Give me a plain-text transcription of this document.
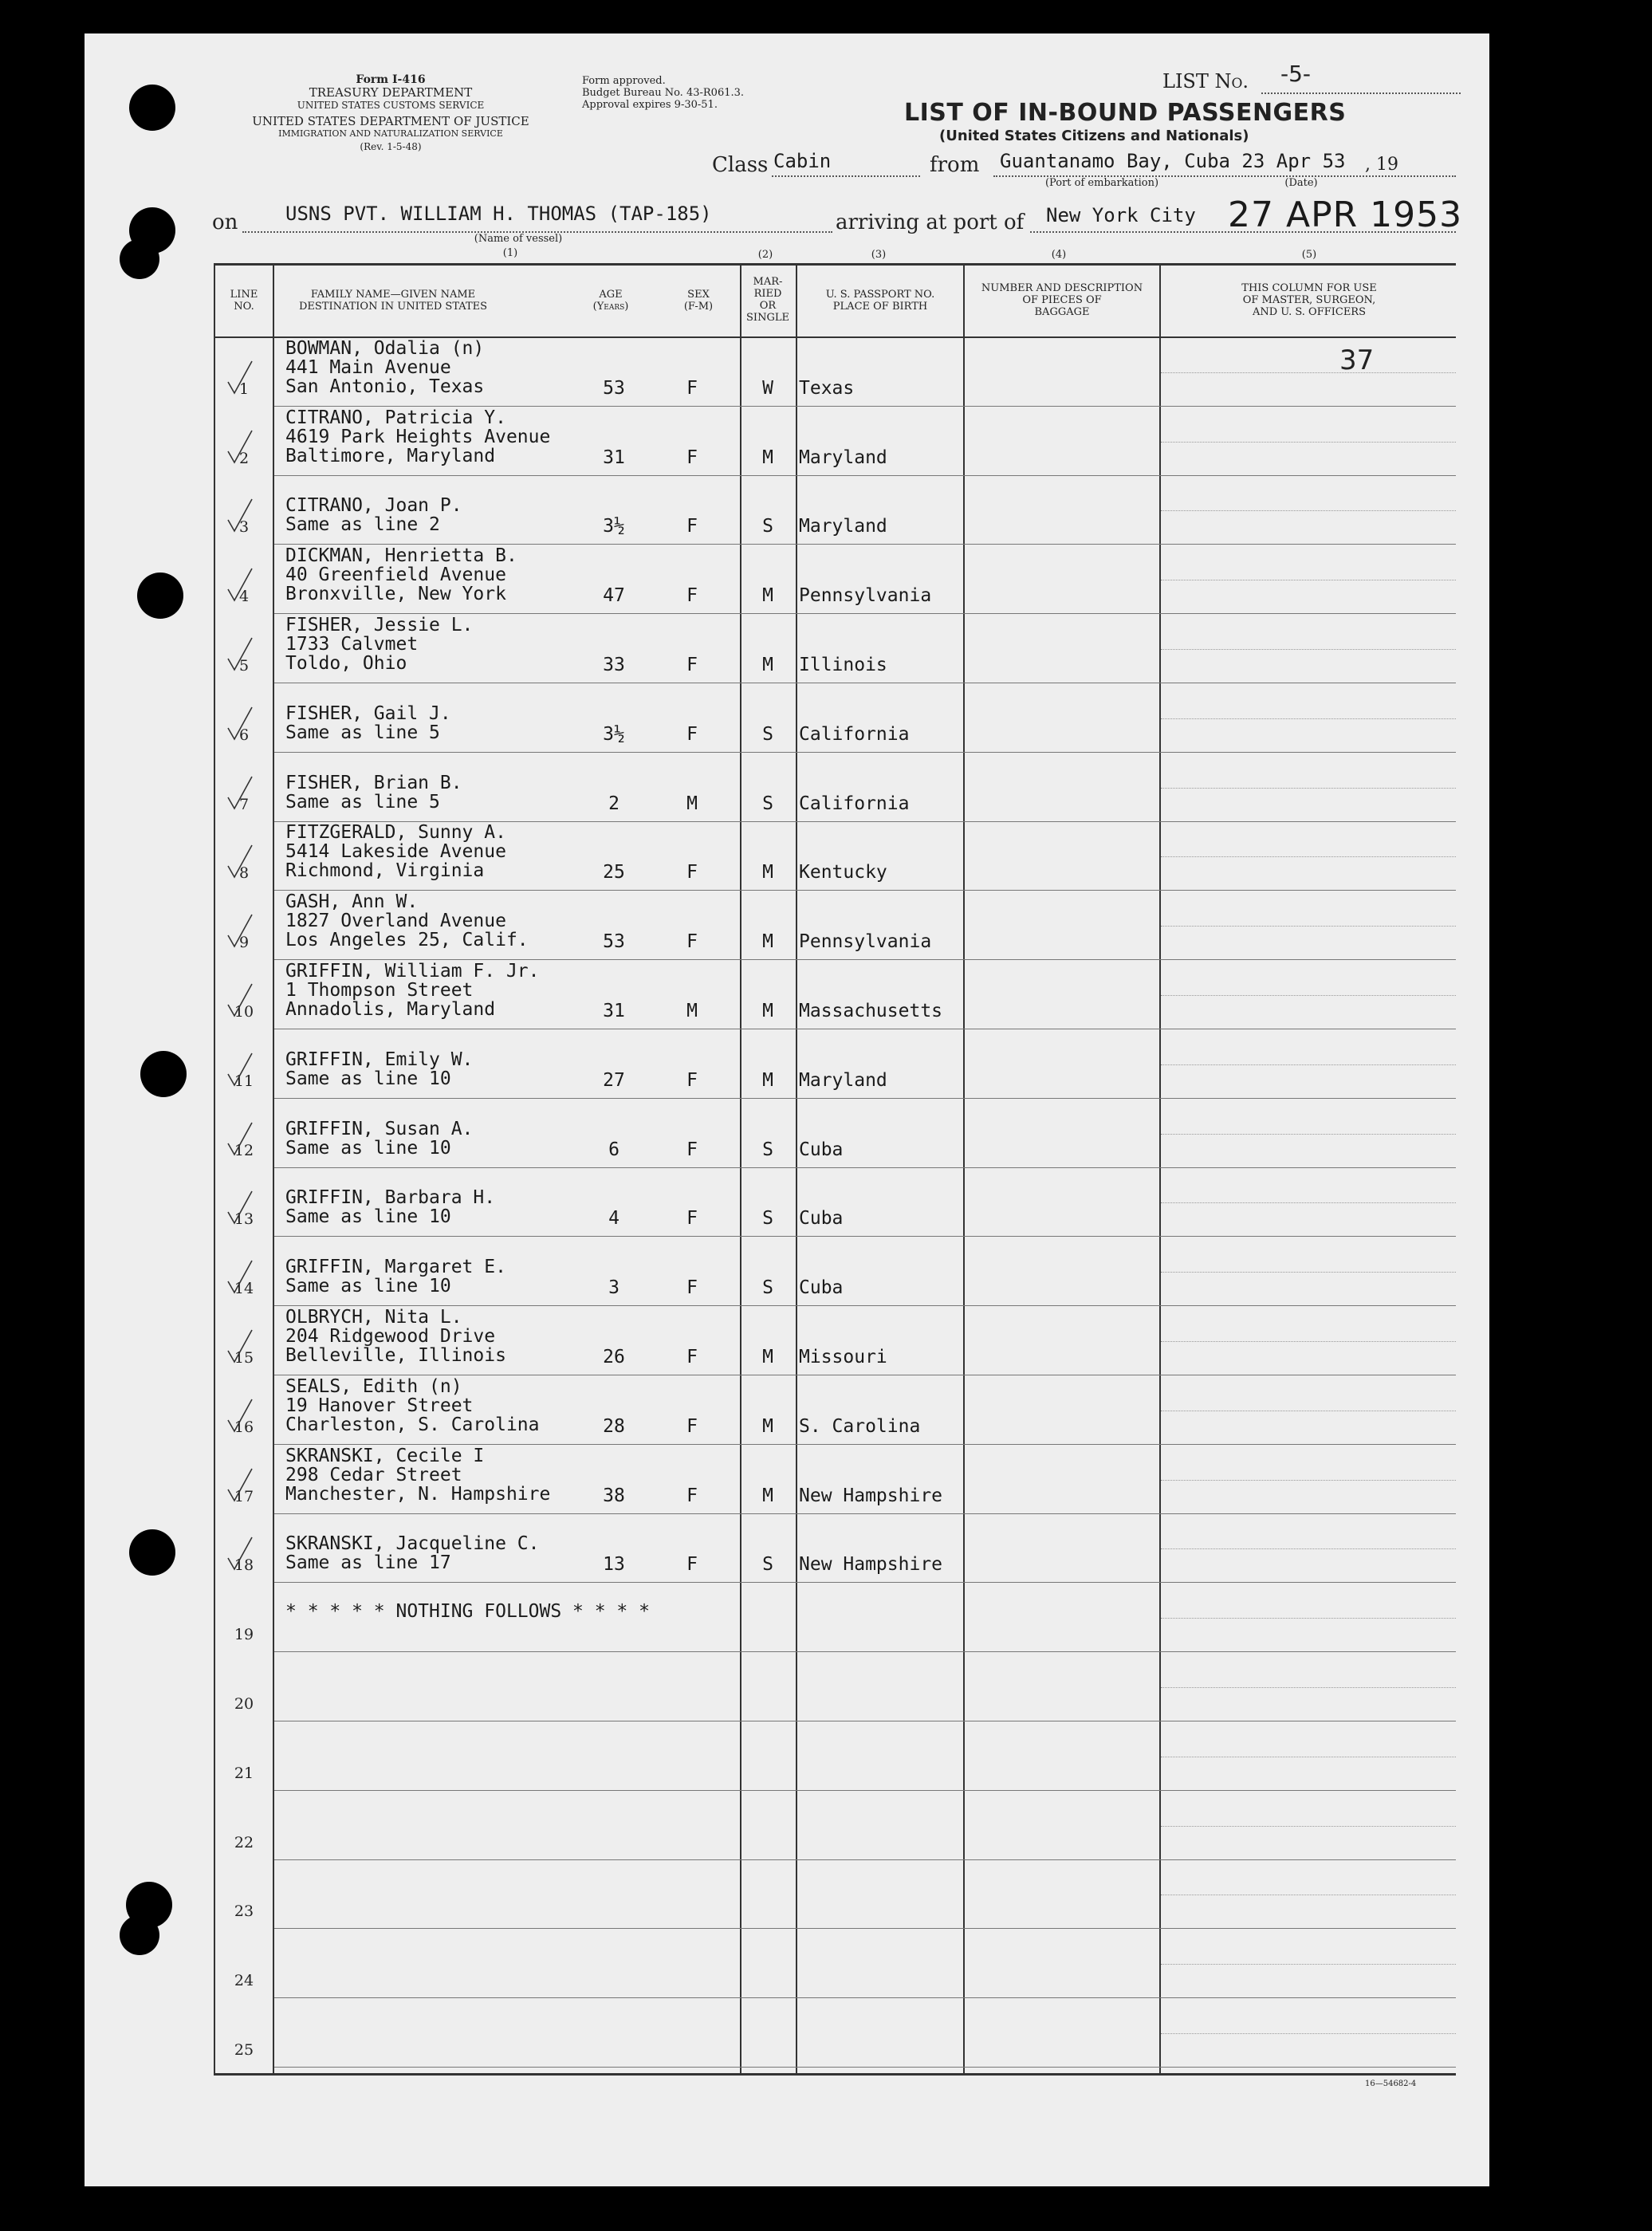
Form I-416
TREASURY DEPARTMENT
UNITED STATES CUSTOMS SERVICE
UNITED STATES DEPARTMENT OF JUSTICE
IMMIGRATION AND NATURALIZATION SERVICE
(Rev. 1-5-48)
Form approved.
Budget Bureau No. 43-R061.3.
Approval expires 9-30-51.
LIST No. -5-
LIST OF IN-BOUND PASSENGERS
(United States Citizens and Nationals)
Class Cabin	from Guantanamo Bay, Cuba 23 Apr 53 , 19
(Port of embarkation)	(Date)
on USNS PVT. WILLIAM H. THOMAS (TAP-185)
(Name of vessel)
(1)
arriving at port of New York City 27 APR 1953
(2)	(3)	(4)	(5)
LINE
NO.
FAMILY NAME—GIVEN NAME
DESTINATION IN UNITED STATES
AGE
(Years)
SEX
(F-M)
MAR-
RIED
OR
SINGLE
U. S. PASSPORT NO.
PLACE OF BIRTH
NUMBER AND DESCRIPTION
OF PIECES OF
BAGGAGE
THIS COLUMN FOR USE
OF MASTER, SURGEON,
AND U. S. OFFICERS
1
BOWMAN, Odalia (n)
441 Main Avenue
San Antonio, Texas	53	F	W	Texas
2
CITRANO, Patricia Y.
4619 Park Heights Avenue
Baltimore, Maryland	31	F	M	Maryland
3
CITRANO, Joan P.
Same as line 2	3½	F	S	Maryland
4
DICKMAN, Henrietta B.
40 Greenfield Avenue
Bronxville, New York	47	F	M	Pennsylvania
5
FISHER, Jessie L.
1733 Calvmet
Toldo, Ohio	33	F	M	Illinois
6
FISHER, Gail J.
Same as line 5	3½	F	S	California
7
FISHER, Brian B.
Same as line 5	2	M	S	California
8
FITZGERALD, Sunny A.
5414 Lakeside Avenue
Richmond, Virginia	25	F	M	Kentucky
9
GASH, Ann W.
1827 Overland Avenue
Los Angeles 25, Calif.	53	F	M	Pennsylvania
10
GRIFFIN, William F. Jr.
1 Thompson Street
Annadolis, Maryland	31	M	M	Massachusetts
11
GRIFFIN, Emily W.
Same as line 10	27	F	M	Maryland
12
GRIFFIN, Susan A.
Same as line 10	6	F	S	Cuba
13
GRIFFIN, Barbara H.
Same as line 10	4	F	S	Cuba
14
GRIFFIN, Margaret E.
Same as line 10	3	F	S	Cuba
15
OLBRYCH, Nita L.
204 Ridgewood Drive
Belleville, Illinois	26	F	M	Missouri
16
SEALS, Edith (n)
19 Hanover Street
Charleston, S. Carolina	28	F	M	S. Carolina
17
SKRANSKI, Cecile I
298 Cedar Street
Manchester, N. Hampshire	38	F	M	New Hampshire
18
SKRANSKI, Jacqueline C.
Same as line 17	13	F	S	New Hampshire
19
20
21
22
23
24
25
37
* * * * * NOTHING FOLLOWS * * * *
16—54682-4
